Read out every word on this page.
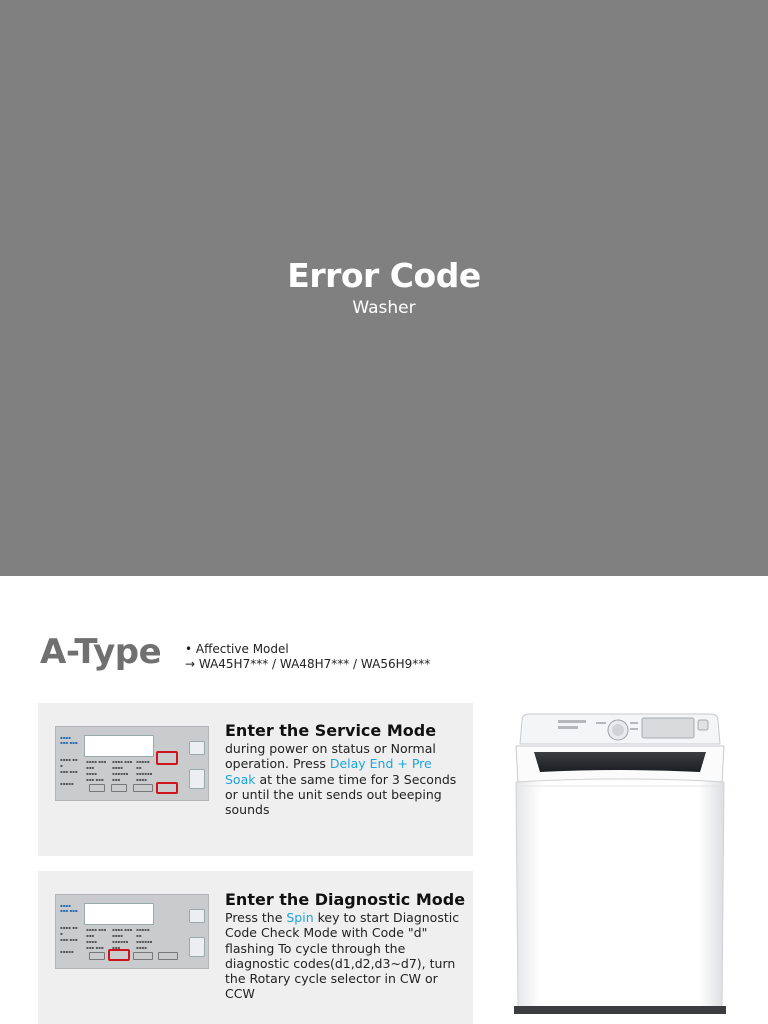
Error Code
Washer
A-Type • Affective Model
→ WA45H7*** / WA48H7*** / WA56H9***
▪▪▪▪
▪▪▪ ▪▪▪
▪▪▪▪ ▪▪
▪
▪▪▪ ▪▪▪

▪▪▪▪▪
▪▪▪▪ ▪▪▪
▪▪▪
▪▪▪▪
▪▪▪ ▪▪▪
▪▪▪▪ ▪▪▪
▪▪▪▪
▪▪▪▪▪▪
▪▪▪
▪▪▪▪▪
▪▪
▪▪▪▪▪▪
▪▪▪▪
Enter the Service Mode
during power on status or Normal operation. Press Delay End + Pre Soak at the same time for 3 Seconds or until the unit sends out beeping sounds
▪▪▪▪
▪▪▪ ▪▪▪
▪▪▪▪ ▪▪
▪
▪▪▪ ▪▪▪

▪▪▪▪▪
▪▪▪▪ ▪▪▪
▪▪▪
▪▪▪▪
▪▪▪ ▪▪▪
▪▪▪▪ ▪▪▪
▪▪▪▪
▪▪▪▪▪▪
▪▪▪
▪▪▪▪▪
▪▪
▪▪▪▪▪▪
▪▪▪▪
Enter the Diagnostic Mode
Press the Spin key to start Diagnostic Code Check Mode with Code "d" flashing To cycle through the diagnostic codes(d1,d2,d3~d7), turn the Rotary cycle selector in CW or CCW
